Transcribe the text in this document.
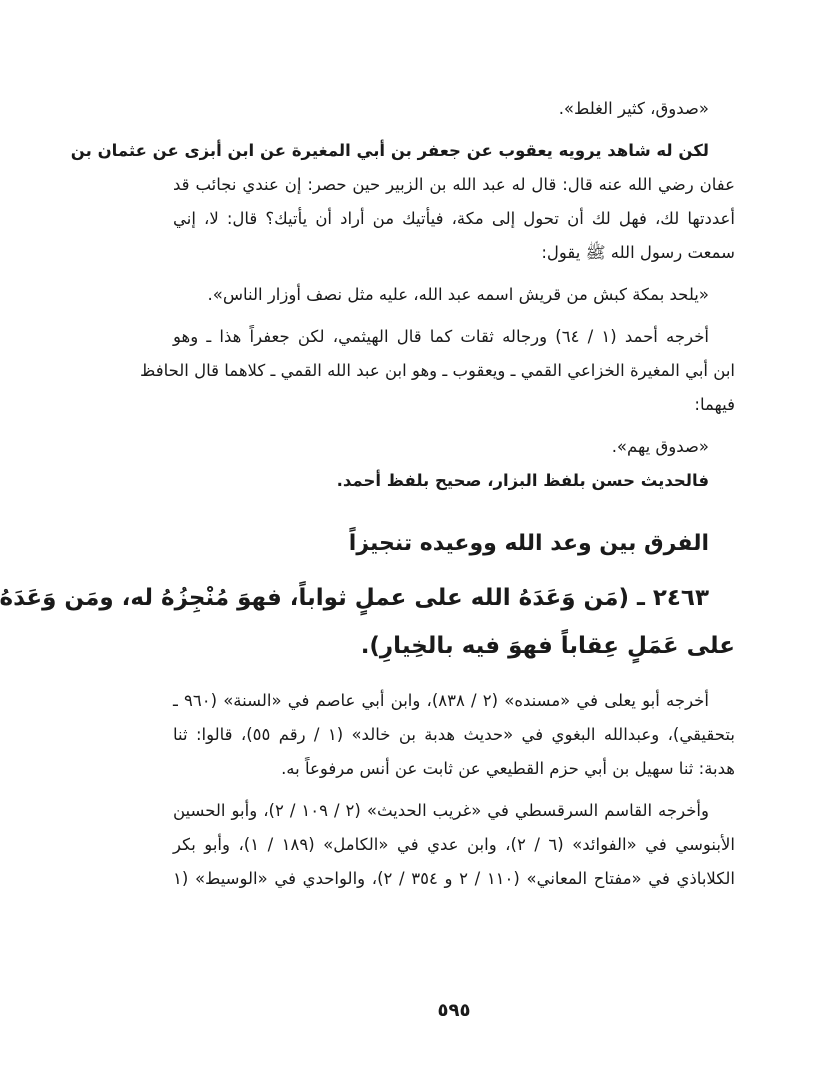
«صدوق، كثير الغلط».
لكن له شاهد يرويه يعقوب عن جعفر بن أبي المغيرة عن ابن أبزى عن عثمان بن
عفان رضي الله عنه قال: قال له عبد الله بن الزبير حين حصر: إن عندي نجائب قد
أعددتها لك، فهل لك أن تحول إلى مكة، فيأتيك من أراد أن يأتيك؟ قال: لا، إني
سمعت رسول الله ﷺ يقول:
«يلحد بمكة كبش من قريش اسمه عبد الله، عليه مثل نصف أوزار الناس».
أخرجه أحمد (١ / ٦٤) ورجاله ثقات كما قال الهيثمي، لكن جعفراً هذا ـ وهو
ابن أبي المغيرة الخزاعي القمي ـ ويعقوب ـ وهو ابن عبد الله القمي ـ كلاهما قال الحافظ
فيهما:
«صدوق يهم».
فالحديث حسن بلفظ البزار، صحيح بلفظ أحمد.
الفرق بين وعد الله ووعيده تنجيزاً
٢٤٦٣ ـ (مَن وَعَدَهُ الله على عملٍ ثواباً، فهوَ مُنْجِزُهُ له، ومَن وَعَدَهُ
على عَمَلٍ عِقاباً فهوَ فيه بالخِيارِ).
أخرجه أبو يعلى في «مسنده» (٢ / ٨٣٨)، وابن أبي عاصم في «السنة» (٩٦٠ ـ
بتحقيقي)، وعبدالله البغوي في «حديث هدبة بن خالد» (١ / رقم ٥٥)، قالوا: ثنا
هدبة: ثنا سهيل بن أبي حزم القطيعي عن ثابت عن أنس مرفوعاً به.
وأخرجه القاسم السرقسطي في «غريب الحديث» (٢ / ١٠٩ / ٢)، وأبو الحسين
الأبنوسي في «الفوائد» (٦ / ٢)، وابن عدي في «الكامل» (١٨٩ / ١)، وأبو بكر
الكلاباذي في «مفتاح المعاني» (١١٠ / ٢ و ٣٥٤ / ٢)، والواحدي في «الوسيط» (١
٥٩٥
